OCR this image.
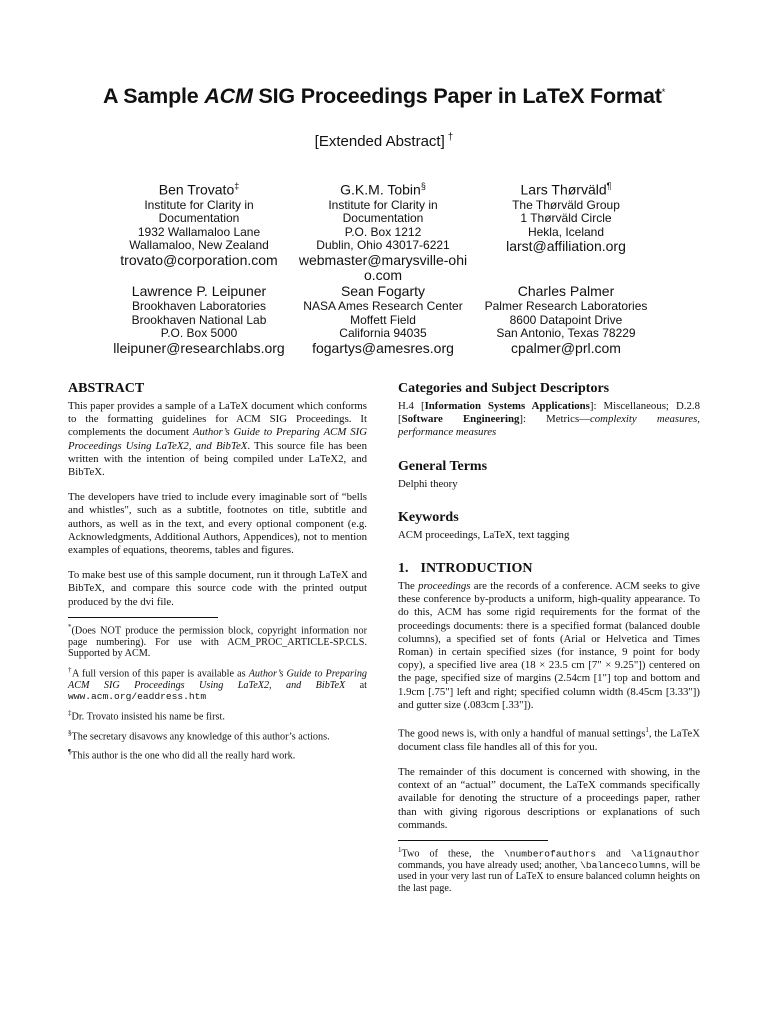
A Sample ACM SIG Proceedings Paper in LaTeX Format*
[Extended Abstract] †
Ben Trovato‡
Institute for Clarity in
Documentation
1932 Wallamaloo Lane
Wallamaloo, New Zealand
trovato@corporation.com
G.K.M. Tobin§
Institute for Clarity in
Documentation
P.O. Box 1212
Dublin, Ohio 43017-6221
webmaster@marysville-ohio.com
Lars Thørväld¶
The Thørväld Group
1 Thørväld Circle
Hekla, Iceland
larst@affiliation.org
Lawrence P. Leipuner
Brookhaven Laboratories
Brookhaven National Lab
P.O. Box 5000
lleipuner@researchlabs.org
Sean Fogarty
NASA Ames Research Center
Moffett Field
California 94035
fogartys@amesres.org
Charles Palmer
Palmer Research Laboratories
8600 Datapoint Drive
San Antonio, Texas 78229
cpalmer@prl.com
ABSTRACT

This paper provides a sample of a LaTeX document which conforms to the formatting guidelines for ACM SIG Proceedings. It complements the document Author’s Guide to Preparing ACM SIG Proceedings Using LaTeX2, and BibTeX. This source file has been written with the intention of being compiled under LaTeX2, and BibTeX.

The developers have tried to include every imaginable sort of “bells and whistles", such as a subtitle, footnotes on title, subtitle and authors, as well as in the text, and every optional component (e.g. Acknowledgments, Additional Authors, Appendices), not to mention examples of equations, theorems, tables and figures.

To make best use of this sample document, run it through LaTeX and BibTeX, and compare this source code with the printed output produced by the dvi file.

*(Does NOT produce the permission block, copyright information nor page numbering). For use with ACM_PROC_ARTICLE-SP.CLS. Supported by ACM.
†A full version of this paper is available as Author’s Guide to Preparing ACM SIG Proceedings Using LaTeX2, and BibTeX at www.acm.org/eaddress.htm
‡Dr. Trovato insisted his name be first.
§The secretary disavows any knowledge of this author’s actions.
¶This author is the one who did all the really hard work.
Categories and Subject Descriptors

H.4 [Information Systems Applications]: Miscellaneous; D.2.8 [Software Engineering]: Metrics—complexity measures, performance measures

General Terms

Delphi theory

Keywords

ACM proceedings, LaTeX, text tagging

1. INTRODUCTION

The proceedings are the records of a conference. ACM seeks to give these conference by-products a uniform, high-quality appearance. To do this, ACM has some rigid requirements for the format of the proceedings documents: there is a specified format (balanced double columns), a specified set of fonts (Arial or Helvetica and Times Roman) in certain specified sizes (for instance, 9 point for body copy), a specified live area (18 × 23.5 cm [7" × 9.25"]) centered on the page, specified size of margins (2.54cm [1"] top and bottom and 1.9cm [.75"] left and right; specified column width (8.45cm [3.33"]) and gutter size (.083cm [.33"]).

The good news is, with only a handful of manual settings$^1$, the LaTeX document class file handles all of this for you.

The remainder of this document is concerned with showing, in the context of an “actual” document, the LaTeX commands specifically available for denoting the structure of a proceedings paper, rather than with giving rigorous descriptions or explanations of such commands.

$^1$Two of these, the \numberofauthors and \alignauthor commands, you have already used; another, \balancecolumns, will be used in your very last run of LaTeX to ensure balanced column heights on the last page.
